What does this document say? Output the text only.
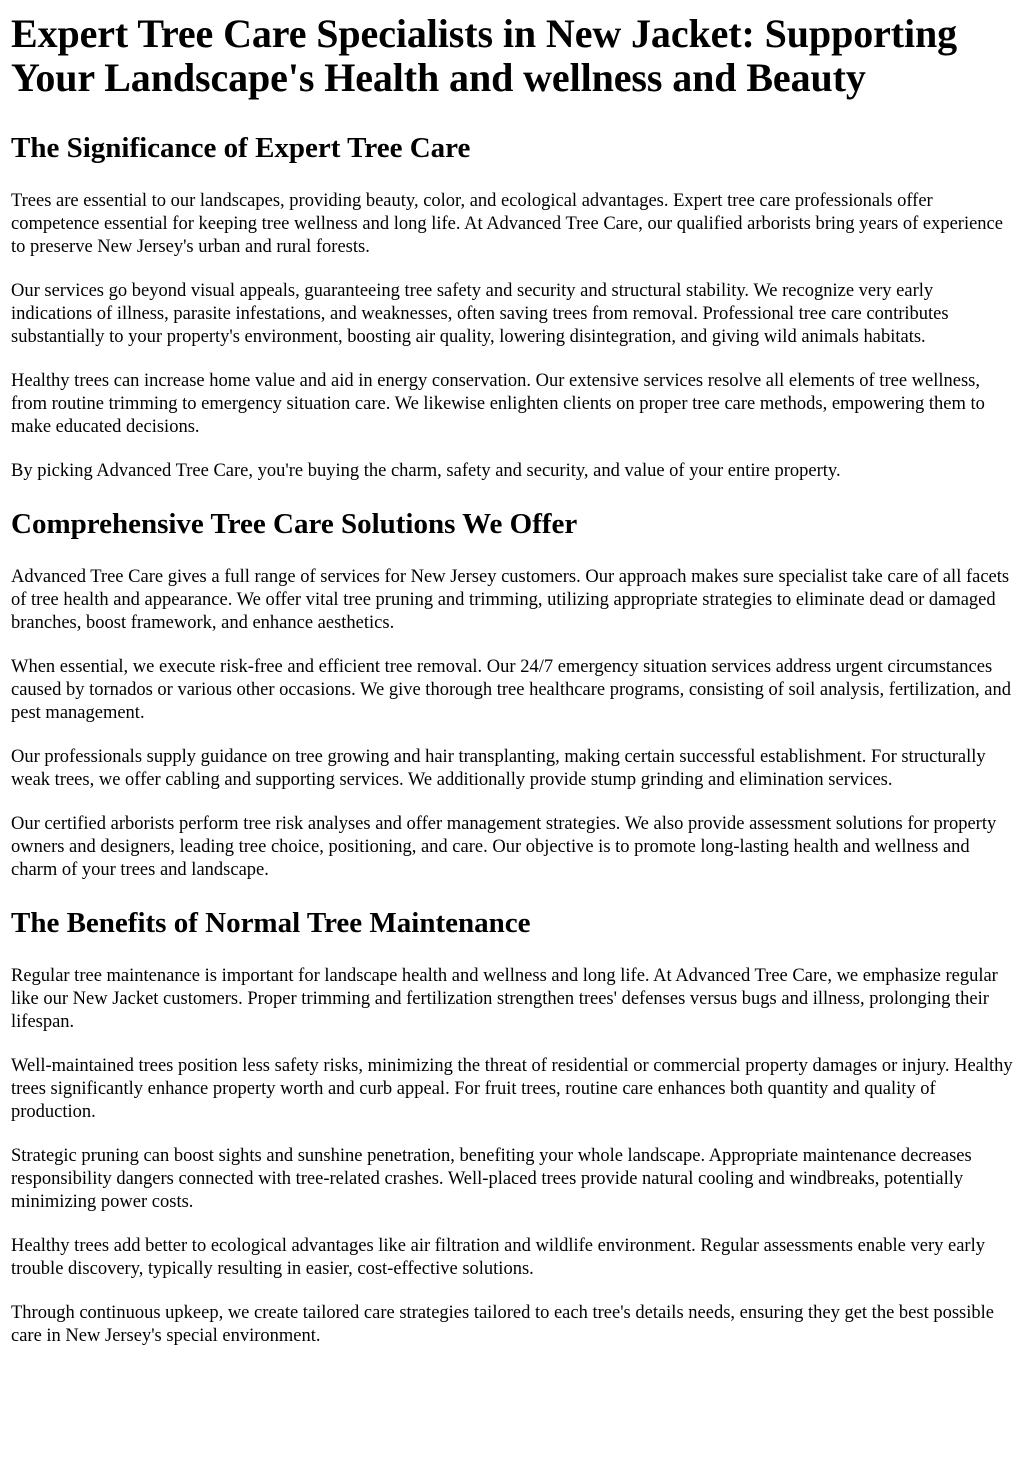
Expert Tree Care Specialists in New Jacket: Supporting Your Landscape's Health and wellness and Beauty
The Significance of Expert Tree Care

Trees are essential to our landscapes, providing beauty, color, and ecological advantages. Expert tree care professionals offer competence essential for keeping tree wellness and long life. At Advanced Tree Care, our qualified arborists bring years of experience to preserve New Jersey's urban and rural forests.

Our services go beyond visual appeals, guaranteeing tree safety and security and structural stability. We recognize very early indications of illness, parasite infestations, and weaknesses, often saving trees from removal. Professional tree care contributes substantially to your property's environment, boosting air quality, lowering disintegration, and giving wild animals habitats.

Healthy trees can increase home value and aid in energy conservation. Our extensive services resolve all elements of tree wellness, from routine trimming to emergency situation care. We likewise enlighten clients on proper tree care methods, empowering them to make educated decisions.

By picking Advanced Tree Care, you're buying the charm, safety and security, and value of your entire property.

Comprehensive Tree Care Solutions We Offer

Advanced Tree Care gives a full range of services for New Jersey customers. Our approach makes sure specialist take care of all facets of tree health and appearance. We offer vital tree pruning and trimming, utilizing appropriate strategies to eliminate dead or damaged branches, boost framework, and enhance aesthetics.

When essential, we execute risk-free and efficient tree removal. Our 24/7 emergency situation services address urgent circumstances caused by tornados or various other occasions. We give thorough tree healthcare programs, consisting of soil analysis, fertilization, and pest management.

Our professionals supply guidance on tree growing and hair transplanting, making certain successful establishment. For structurally weak trees, we offer cabling and supporting services. We additionally provide stump grinding and elimination services.

Our certified arborists perform tree risk analyses and offer management strategies. We also provide assessment solutions for property owners and designers, leading tree choice, positioning, and care. Our objective is to promote long-lasting health and wellness and charm of your trees and landscape.

The Benefits of Normal Tree Maintenance

Regular tree maintenance is important for landscape health and wellness and long life. At Advanced Tree Care, we emphasize regular like our New Jacket customers. Proper trimming and fertilization strengthen trees' defenses versus bugs and illness, prolonging their lifespan.

Well-maintained trees position less safety risks, minimizing the threat of residential or commercial property damages or injury. Healthy trees significantly enhance property worth and curb appeal. For fruit trees, routine care enhances both quantity and quality of production.

Strategic pruning can boost sights and sunshine penetration, benefiting your whole landscape. Appropriate maintenance decreases responsibility dangers connected with tree-related crashes. Well-placed trees provide natural cooling and windbreaks, potentially minimizing power costs.

Healthy trees add better to ecological advantages like air filtration and wildlife environment. Regular assessments enable very early trouble discovery, typically resulting in easier, cost-effective solutions.

Through continuous upkeep, we create tailored care strategies tailored to each tree's details needs, ensuring they get the best possible care in New Jersey's special environment.
